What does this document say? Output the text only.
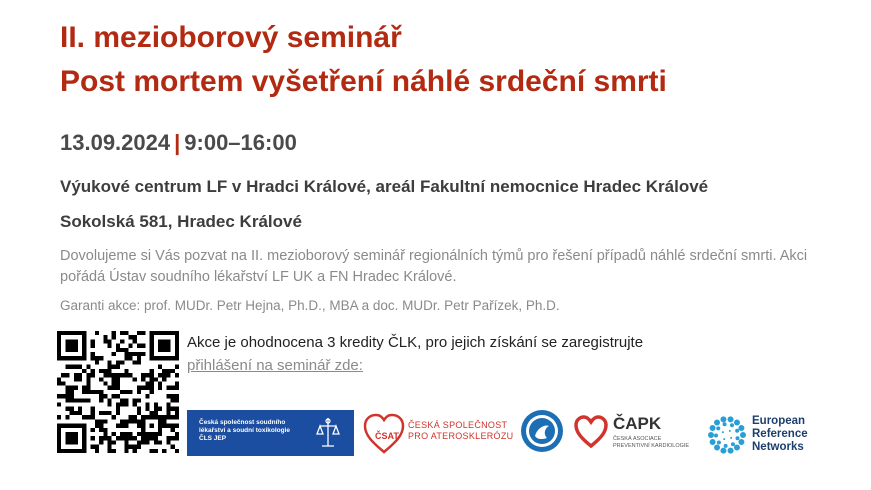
II. mezioborový seminář
Post mortem vyšetření náhlé srdeční smrti
13.09.2024 | 9:00–16:00
Výukové centrum LF v Hradci Králové, areál Fakultní nemocnice Hradec Králové
Sokolská 581, Hradec Králové

Dovolujeme si Vás pozvat na II. mezioborový seminář regionálních týmů pro řešení případů náhlé srdeční smrti. Akci pořádá Ústav soudního lékařství LF UK a FN Hradec Králové.

Garanti akce: prof. MUDr. Petr Hejna, Ph.D., MBA a doc. MUDr. Petr Pařízek, Ph.D.
Akce je ohodnocena 3 kredity ČLK, pro jejich získání se zaregistrujte
přihlášení na seminář zde:
Česká společnost soudního lékařství a soudní toxikologie ČLS JEP	ČSAT
ČESKÁ SPOLEČNOST
PRO ATEROSKLERÓZU
ČAPK
ČESKÁ ASOCIACE
PREVENTIVNÍ KARDIOLOGIE
European
Reference
Networks
